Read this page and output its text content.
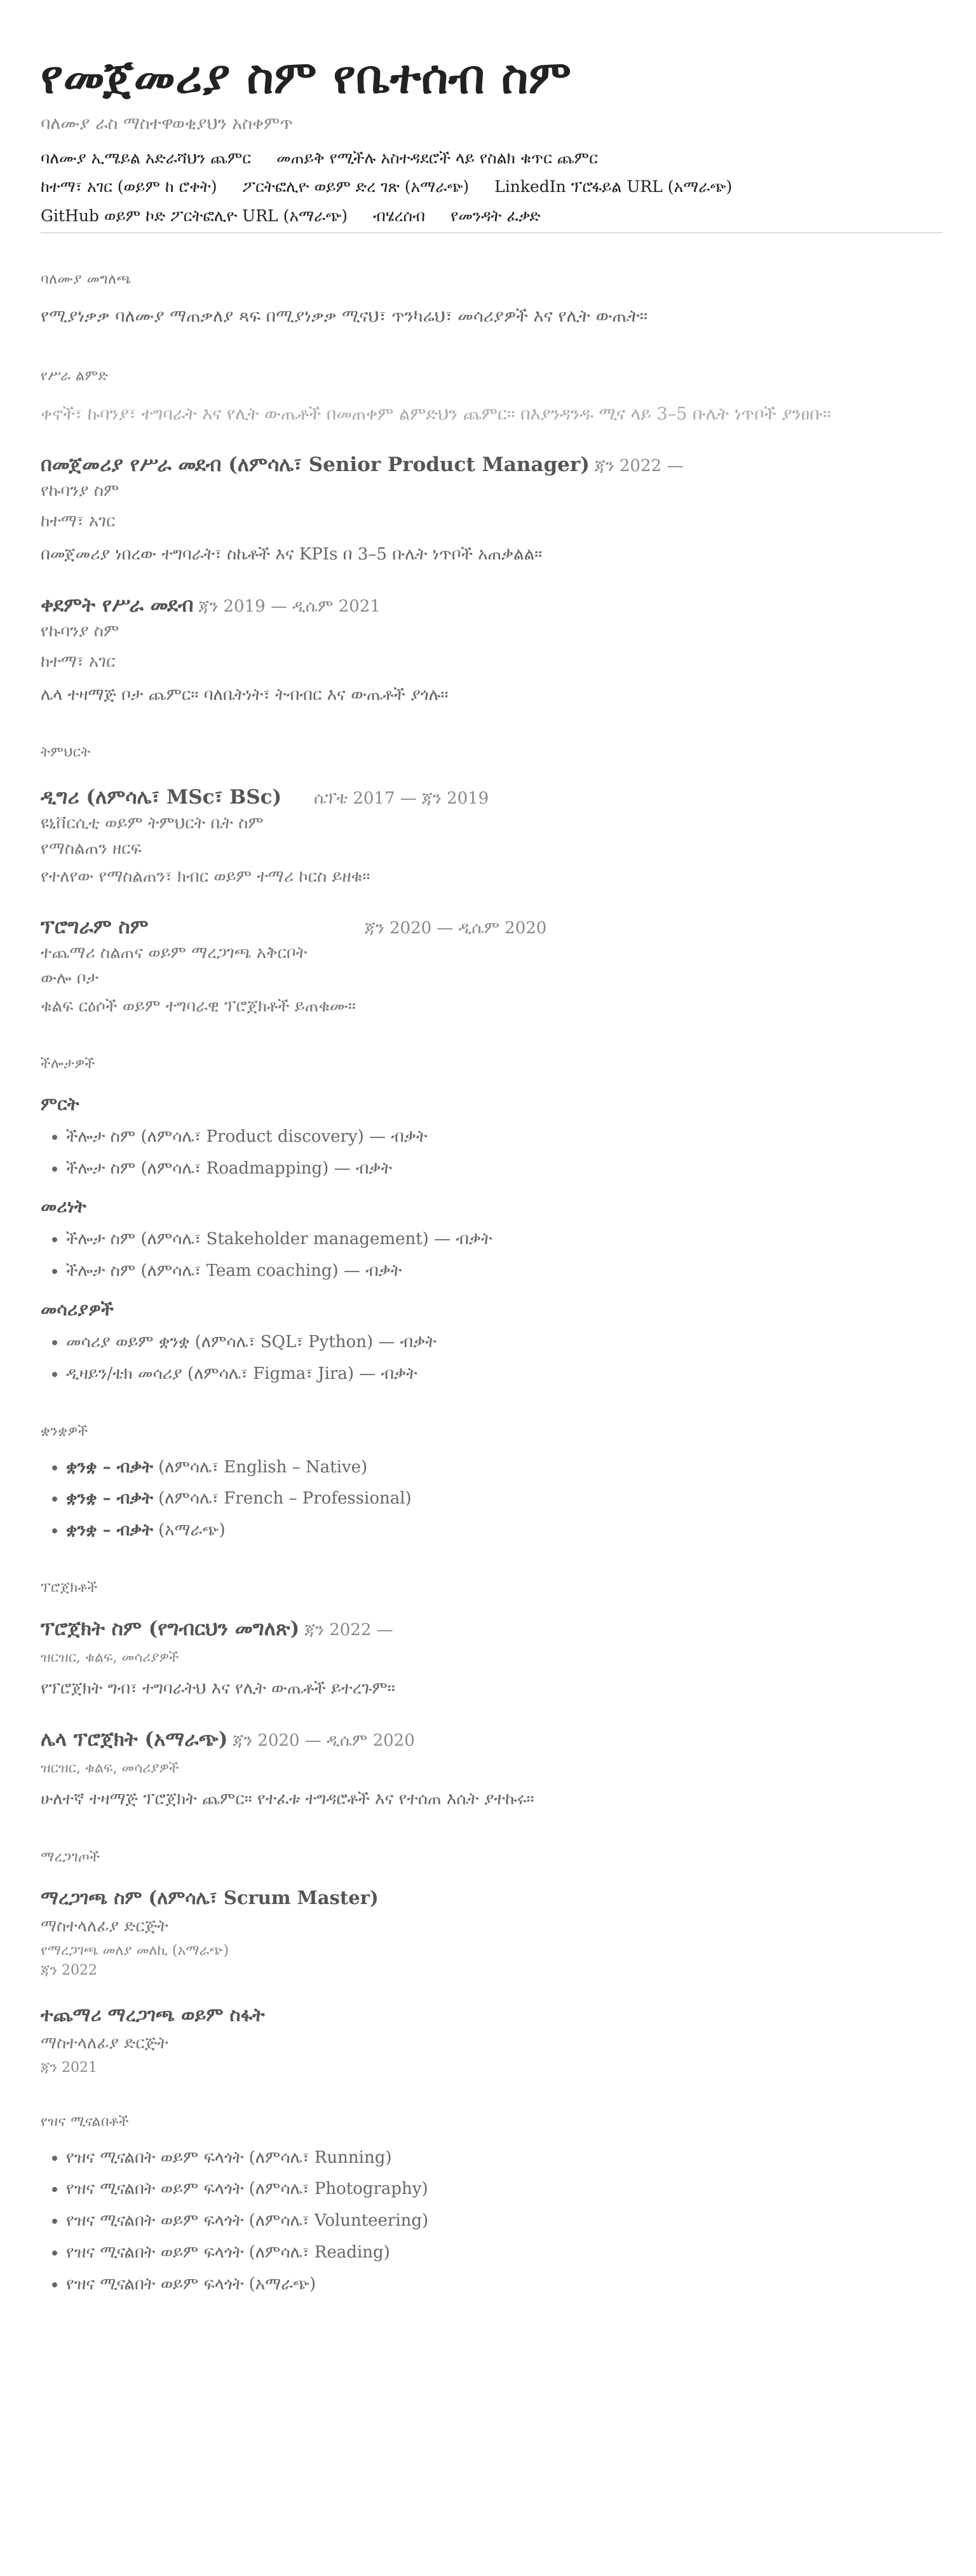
የመጀመሪያ ስም የቤተሰብ ስም
ባለሙያ ራስ ማስተዋወቂያህን አስቀምጥ
ባለሙያ ኢሜይል አድራሻህን ጨምር መጠይቅ የሚችሉ አስተዳደሮች ላይ የስልክ ቁጥር ጨምር
ከተማ፣ አገር (ወይም ከ ሮቀት) ፖርትፎሊዮ ወይም ድረ ገጽ (አማራጭ) LinkedIn ፕሮፋይል URL (አማራጭ)
GitHub ወይም ኮድ ፖርትፎሊዮ URL (አማራጭ) ብሄረሰብ የመንዳት ፈቃድ
ባለሙያ መግለጫ
የሚያነቃቃ ባለሙያ ማጠቃለያ ጻፍ በሚያነቃቃ ሚናህ፣ ጥንካሬህ፣ መሳሪያዎች እና የሊት ውጤት።
የሥራ ልምድ
ቀኖች፣ ኩባንያ፣ ተግባራት እና የሊት ውጤቶች በመጠቀም ልምድህን ጨምር። በእያንዳንዱ ሚና ላይ 3–5 ቡሌት ነጥቦች ያንፀቡ።
በመጀመሪያ የሥራ መደብ (ለምሳሌ፣ Senior Product Manager) ጃን 2022 —
የኩባንያ ስም
ከተማ፣ አገር
በመጀመሪያ ነበረው ተግባራት፣ ስኬቶች እና KPIs በ 3–5 ቡሌት ነጥቦች አጠቃልል።
ቀደምት የሥራ መደብ ጃን 2019 — ዲሴም 2021
የኩባንያ ስም
ከተማ፣ አገር
ሌላ ተዛማጅ ቦታ ጨምር። ባለቤትነት፣ ትብብር እና ውጤቶች ያጎሉ።
ትምህርት
ዲግሪ (ለምሳሌ፣ MSc፣ BSc)	ሴፕቴ 2017 — ጃን 2019
ዩኒቨርሲቲ ወይም ትምህርት ቤት ስም
የማስልጠን ዘርፍ
የተለየው የማስልጠን፣ ክብር ወይም ተማሪ ኮርስ ይዘቁ።
ፕሮግራም ስም	ጃን 2020 — ዲሴም 2020
ተጨማሪ ስልጠና ወይም ማረጋገጫ አቅርቦት
ውሎ ቦታ
ቁልፍ ርዕሶች ወይም ተግባራዊ ፕሮጀክቶች ይጠቁሙ።
ችሎታዎች
ምርት
• ችሎታ ስም (ለምሳሌ፣ Product discovery) — ብቃት
• ችሎታ ስም (ለምሳሌ፣ Roadmapping) — ብቃት
መሪነት
• ችሎታ ስም (ለምሳሌ፣ Stakeholder management) — ብቃት
• ችሎታ ስም (ለምሳሌ፣ Team coaching) — ብቃት
መሳሪያዎች
• መሳሪያ ወይም ቋንቋ (ለምሳሌ፣ SQL፣ Python) — ብቃት
• ዲዛይን/ቴክ መሳሪያ (ለምሳሌ፣ Figma፣ Jira) — ብቃት
ቋንቋዎች
• ቋንቋ – ብቃት (ለምሳሌ፣ English – Native)
• ቋንቋ – ብቃት (ለምሳሌ፣ French – Professional)
• ቋንቋ – ብቃት (አማራጭ)
ፕሮጀክቶች
ፕሮጀክት ስም (የግብርህን መግለጽ) ጃን 2022 —
ዝርዝር, ቁልፍ, መሳሪያዎች
የፕሮጀክት ግብ፣ ተግባራትህ እና የሊት ውጤቶች ይተረጉም።
ሌላ ፕሮጀክት (አማራጭ) ጃን 2020 — ዲሴም 2020
ዝርዝር, ቁልፍ, መሳሪያዎች
ሁለተኛ ተዛማጅ ፕሮጀክት ጨምር። የተፈቱ ተግዳሮቶች እና የተሰጠ እሴት ያተኩሩ።
ማረጋገጦች
ማረጋገጫ ስም (ለምሳሌ፣ Scrum Master)
ማስተላለፊያ ድርጅት
የማረጋገጫ መለያ መለኪ (አማራጭ)
ጃን 2022
ተጨማሪ ማረጋገጫ ወይም ስፋት
ማስተላለፊያ ድርጅት
ጃን 2021
የዝና ሚናልበቶች
• የዝና ሚናልበት ወይም ፍላጎት (ለምሳሌ፣ Running)
• የዝና ሚናልበት ወይም ፍላጎት (ለምሳሌ፣ Photography)
• የዝና ሚናልበት ወይም ፍላጎት (ለምሳሌ፣ Volunteering)
• የዝና ሚናልበት ወይም ፍላጎት (ለምሳሌ፣ Reading)
• የዝና ሚናልበት ወይም ፍላጎት (አማራጭ)
